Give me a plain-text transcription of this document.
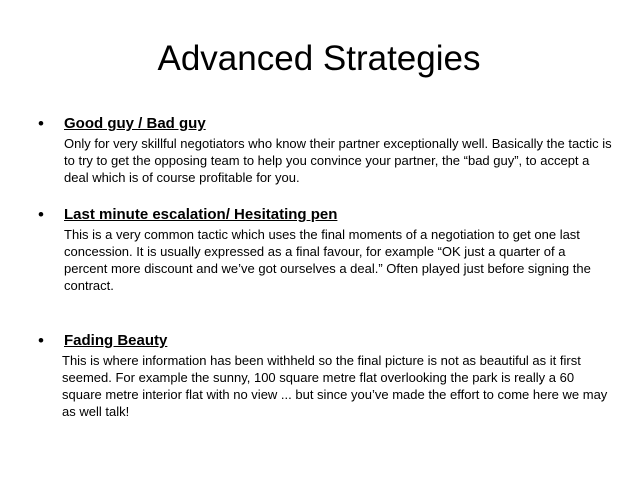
Advanced Strategies
• Good guy / Bad guy

Only for very skillful negotiators who know their partner exceptionally well. Basically the tactic is to try to get the opposing team to help you convince your partner, the “bad guy”, to accept a deal which is of course profitable for you.

• Last minute escalation/ Hesitating pen

This is a very common tactic which uses the final moments of a negotiation to get one last concession. It is usually expressed as a final favour, for example “OK just a quarter of a percent more discount and we’ve got ourselves a deal.” Often played just before signing the contract.

• Fading Beauty

This is where information has been withheld so the final picture is not as beautiful as it first seemed. For example the sunny, 100 square metre flat overlooking the park is really a 60 square metre interior flat with no view ... but since you’ve made the effort to come here we may as well talk!
